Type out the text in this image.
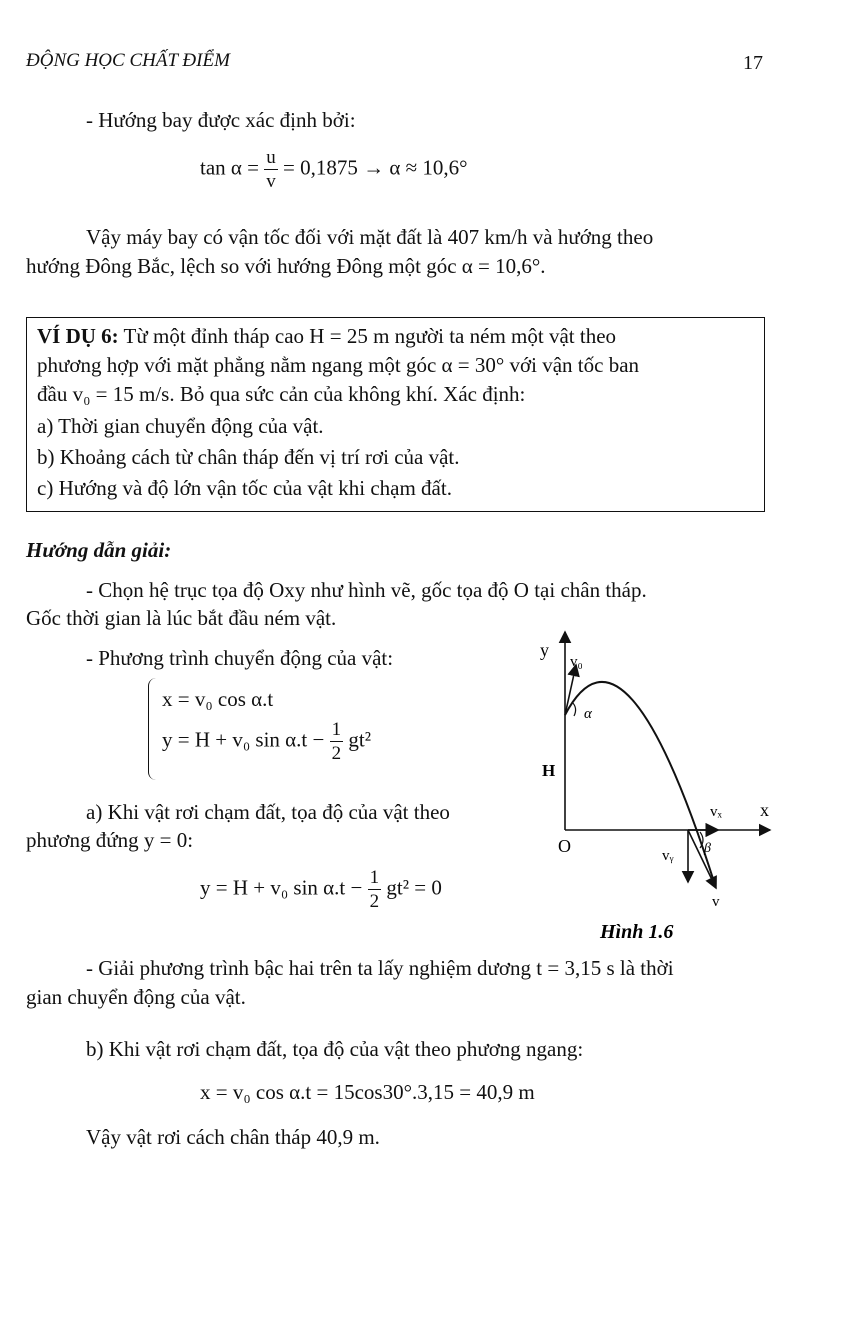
ĐỘNG HỌC CHẤT ĐIỂM	17
- Hướng bay được xác định bởi:
$\tan \alpha = \frac{u}{v} = 0,1875 \to \alpha \approx 10,6^\circ$
Vậy máy bay có vận tốc đối với mặt đất là 407 km/h và hướng theo
hướng Đông Bắc, lệch so với hướng Đông một góc α = 10,6°.
VÍ DỤ 6: Từ một đỉnh tháp cao H = 25 m người ta ném một vật theo
phương hợp với mặt phẳng nằm ngang một góc α = 30° với vận tốc ban
đầu v₀ = 15 m/s. Bỏ qua sức cản của không khí. Xác định:
a) Thời gian chuyển động của vật.
b) Khoảng cách từ chân tháp đến vị trí rơi của vật.
c) Hướng và độ lớn vận tốc của vật khi chạm đất.
Hướng dẫn giải:
- Chọn hệ trục tọa độ Oxy như hình vẽ, gốc tọa độ O tại chân tháp.
Gốc thời gian là lúc bắt đầu ném vật.
- Phương trình chuyển động của vật:
x = v₀ cos α.t
y = H + v₀ $\sin \alpha.t - \frac{1}{2} gt^2$
a) Khi vật rơi chạm đất, tọa độ của vật theo
phương đứng y = 0:
y = H + v₀ $\sin \alpha.t - \frac{1}{2} gt^2 = 0$
- Giải phương trình bậc hai trên ta lấy nghiệm dương t = 3,15 s là thời
gian chuyển động của vật.
b) Khi vật rơi chạm đất, tọa độ của vật theo phương ngang:
x = v₀ cos α.t = 15cos30°.3,15 = 40,9 m
Vậy vật rơi cách chân tháp 40,9 m.
y
v₀
α
H
O
x
vₓ
vᵧ β
v
Hình 1.6
